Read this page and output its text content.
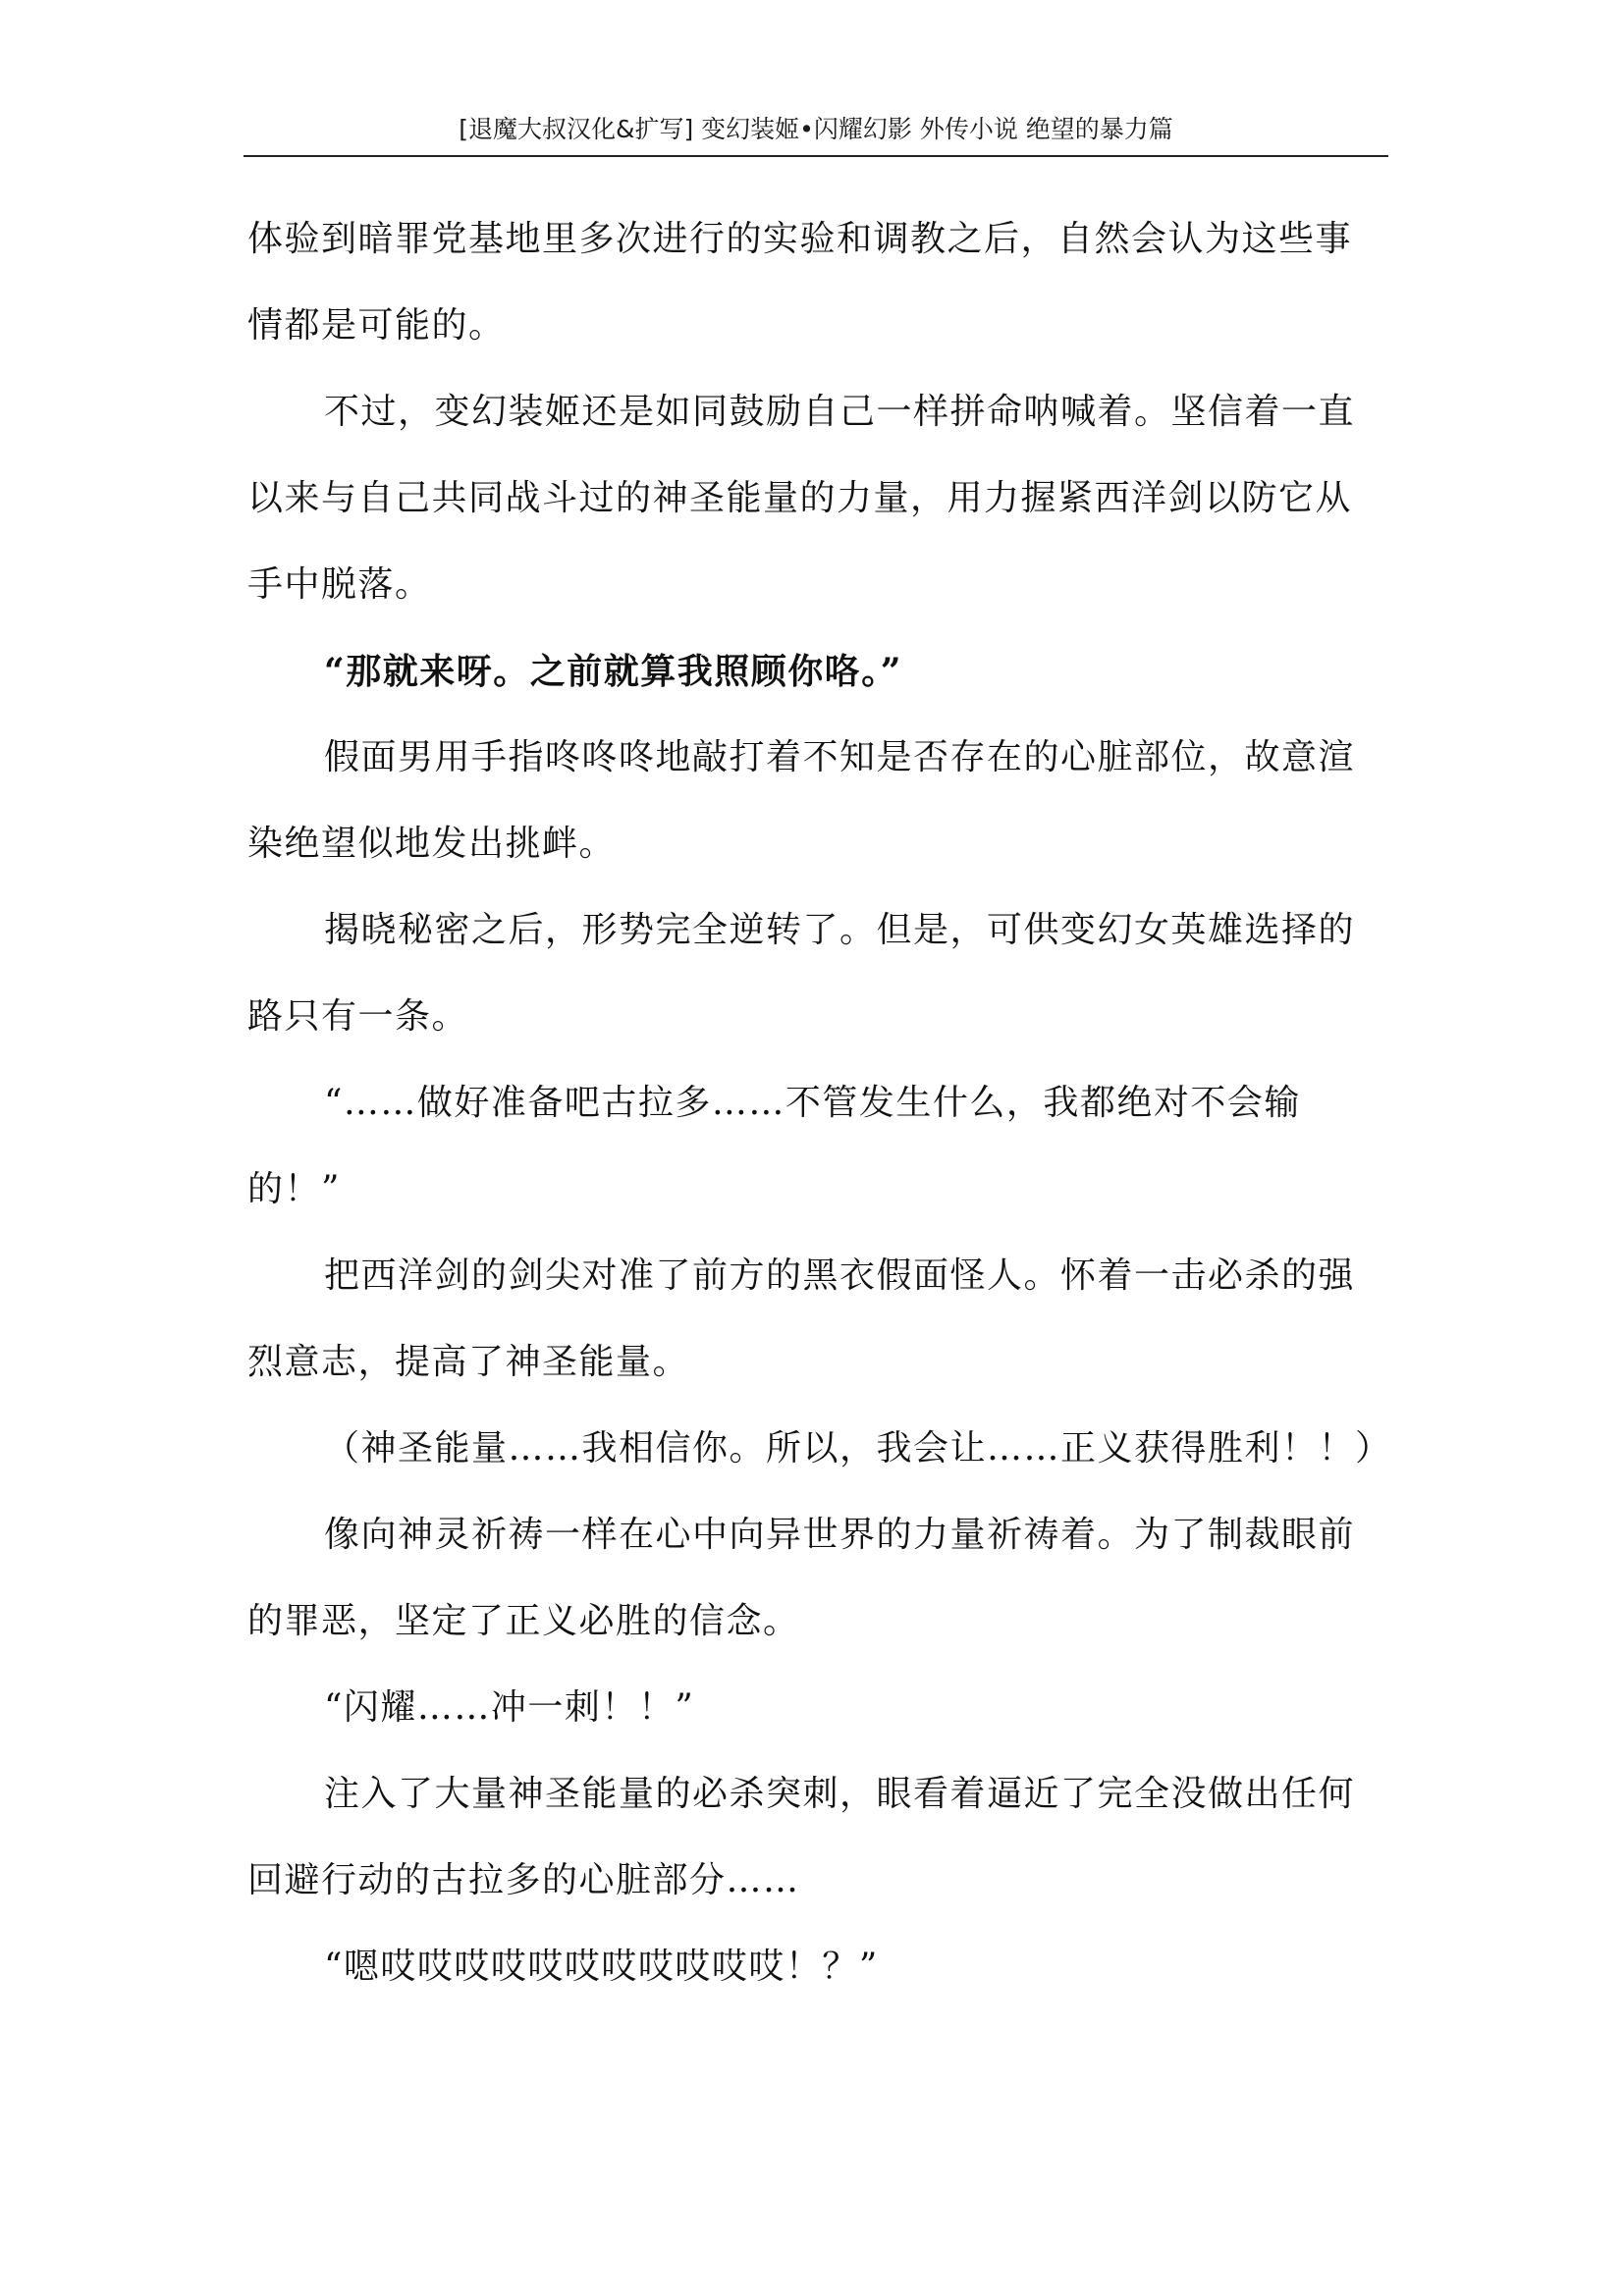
[退魔大叔汉化&扩写] 变幻装姬•闪耀幻影 外传小说 绝望的暴力篇

体验到暗罪党基地里多次进行的实验和调教之后，自然会认为这些事情都是可能的。

不过，变幻装姬还是如同鼓励自己一样拼命呐喊着。坚信着一直以来与自己共同战斗过的神圣能量的力量，用力握紧西洋剑以防它从手中脱落。

“那就来呀。之前就算我照顾你咯。”

假面男用手指咚咚咚地敲打着不知是否存在的心脏部位，故意渲染绝望似地发出挑衅。

揭晓秘密之后，形势完全逆转了。但是，可供变幻女英雄选择的路只有一条。

“……做好准备吧古拉多……不管发生什么，我都绝对不会输的！”

把西洋剑的剑尖对准了前方的黑衣假面怪人。怀着一击必杀的强烈意志，提高了神圣能量。

（神圣能量……我相信你。所以，我会让……正义获得胜利！！）

像向神灵祈祷一样在心中向异世界的力量祈祷着。为了制裁眼前的罪恶，坚定了正义必胜的信念。

“闪耀……冲一刺！！”

注入了大量神圣能量的必杀突刺，眼看着逼近了完全没做出任何回避行动的古拉多的心脏部分……

“嗯哎哎哎哎哎哎哎哎哎哎哎！？”
